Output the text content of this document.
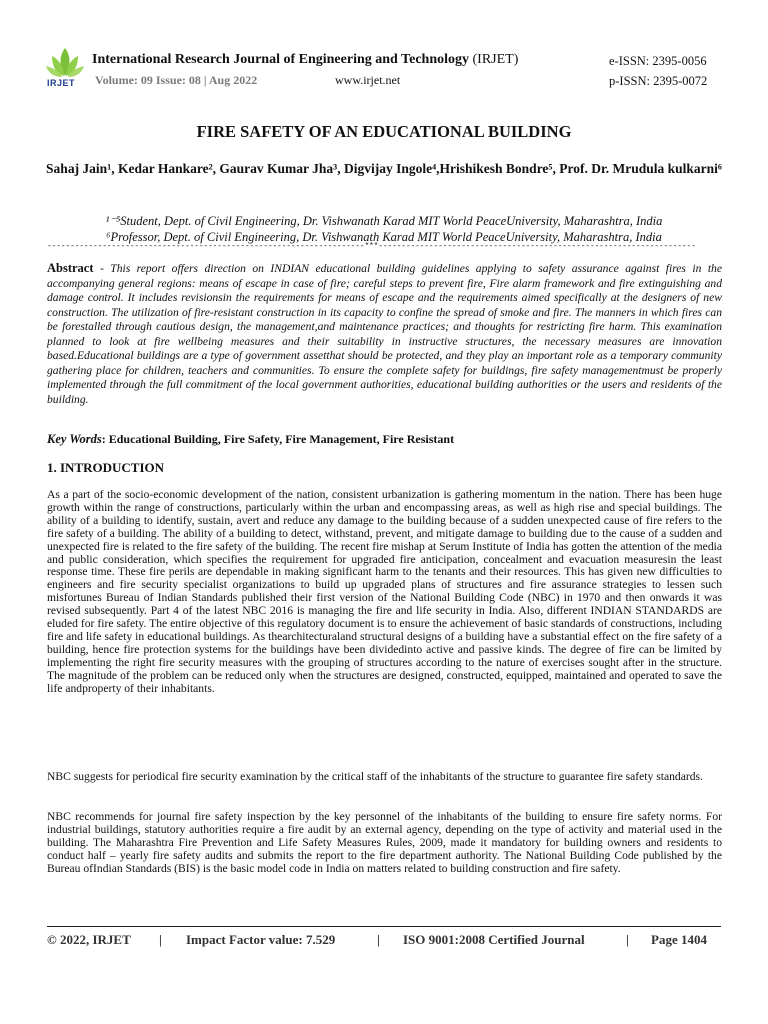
IRJET
International Research Journal of Engineering and Technology (IRJET)
Volume: 09 Issue: 08 | Aug 2022	www.irjet.net
e-ISSN: 2395-0056
p-ISSN: 2395-0072
FIRE SAFETY OF AN EDUCATIONAL BUILDING
Sahaj Jain¹, Kedar Hankare², Gaurav Kumar Jha³, Digvijay Ingole⁴,Hrishikesh Bondre⁵, Prof. Dr. Mrudula kulkarni⁶
¹⁻⁵Student, Dept. of Civil Engineering, Dr. Vishwanath Karad MIT World PeaceUniversity, Maharashtra, India
⁶Professor, Dept. of Civil Engineering, Dr. Vishwanath Karad MIT World PeaceUniversity, Maharashtra, India
---------------------------------------------------------------------***---------------------------------------------------------------------
Abstract - This report offers direction on INDIAN educational building guidelines applying to safety assurance against fires in the accompanying general regions: means of escape in case of fire; careful steps to prevent fire, Fire alarm framework and fire extinguishing and damage control. It includes revisionsin the requirements for means of escape and the requirements aimed specifically at the designers of new construction. The utilization of fire-resistant construction in its capacity to confine the spread of smoke and fire. The manners in which fires can be forestalled through cautious design, the management,and maintenance practices; and thoughts for restricting fire harm. This examination planned to look at fire wellbeing measures and their suitability in instructive structures, the necessary measures are innovation based.Educational buildings are a type of government assetthat should be protected, and they play an important role as a temporary community gathering place for children, teachers and communities. To ensure the complete safety for buildings, fire safety managementmust be properly implemented through the full commitment of the local government authorities, educational building authorities or the users and residents of the building.
Key Words: Educational Building, Fire Safety, Fire Management, Fire Resistant
1. INTRODUCTION
As a part of the socio-economic development of the nation, consistent urbanization is gathering momentum in the nation. There has been huge growth within the range of constructions, particularly within the urban and encompassing areas, as well as high rise and special buildings. The ability of a building to identify, sustain, avert and reduce any damage to the building because of a sudden unexpected cause of fire refers to the fire safety of a building. The ability of a building to detect, withstand, prevent, and mitigate damage to building due to the cause of a sudden and unexpected fire is related to the fire safety of the building. The recent fire mishap at Serum Institute of India has gotten the attention of the media and public consideration, which specifies the requirement for upgraded fire anticipation, concealment and evacuation measuresin the least response time. These fire perils are dependable in making significant harm to the tenants and their resources. This has given new difficulties to engineers and fire security specialist organizations to build up upgraded plans of structures and fire assurance strategies to lessen such misfortunes Bureau of Indian Standards published their first version of the National Building Code (NBC) in 1970 and then onwards it was revised subsequently. Part 4 of the latest NBC 2016 is managing the fire and life security in India. Also, different INDIAN STANDARDS are eluded for fire safety. The entire objective of this regulatory document is to ensure the achievement of basic standards of constructions, including fire and life safety in educational buildings. As thearchitecturaland structural designs of a building have a substantial effect on the fire safety of a building, hence fire protection systems for the buildings have been dividedinto active and passive kinds. The degree of fire can be limited by implementing the right fire security measures with the grouping of structures according to the nature of exercises sought after in the structure. The magnitude of the problem can be reduced only when the structures are designed, constructed, equipped, maintained and operated to save the life andproperty of their inhabitants.
NBC suggests for periodical fire security examination by the critical staff of the inhabitants of the structure to guarantee fire safety standards.
NBC recommends for journal fire safety inspection by the key personnel of the inhabitants of the building to ensure fire safety norms. For industrial buildings, statutory authorities require a fire audit by an external agency, depending on the type of activity and material used in the building. The Maharashtra Fire Prevention and Life Safety Measures Rules, 2009, made it mandatory for building owners and residents to conduct half – yearly fire safety audits and submits the report to the fire department authority. The National Building Code published by the Bureau ofIndian Standards (BIS) is the basic model code in India on matters related to building construction and fire safety.
© 2022, IRJET | Impact Factor value: 7.529	| ISO 9001:2008 Certified Journal	| Page 1404
